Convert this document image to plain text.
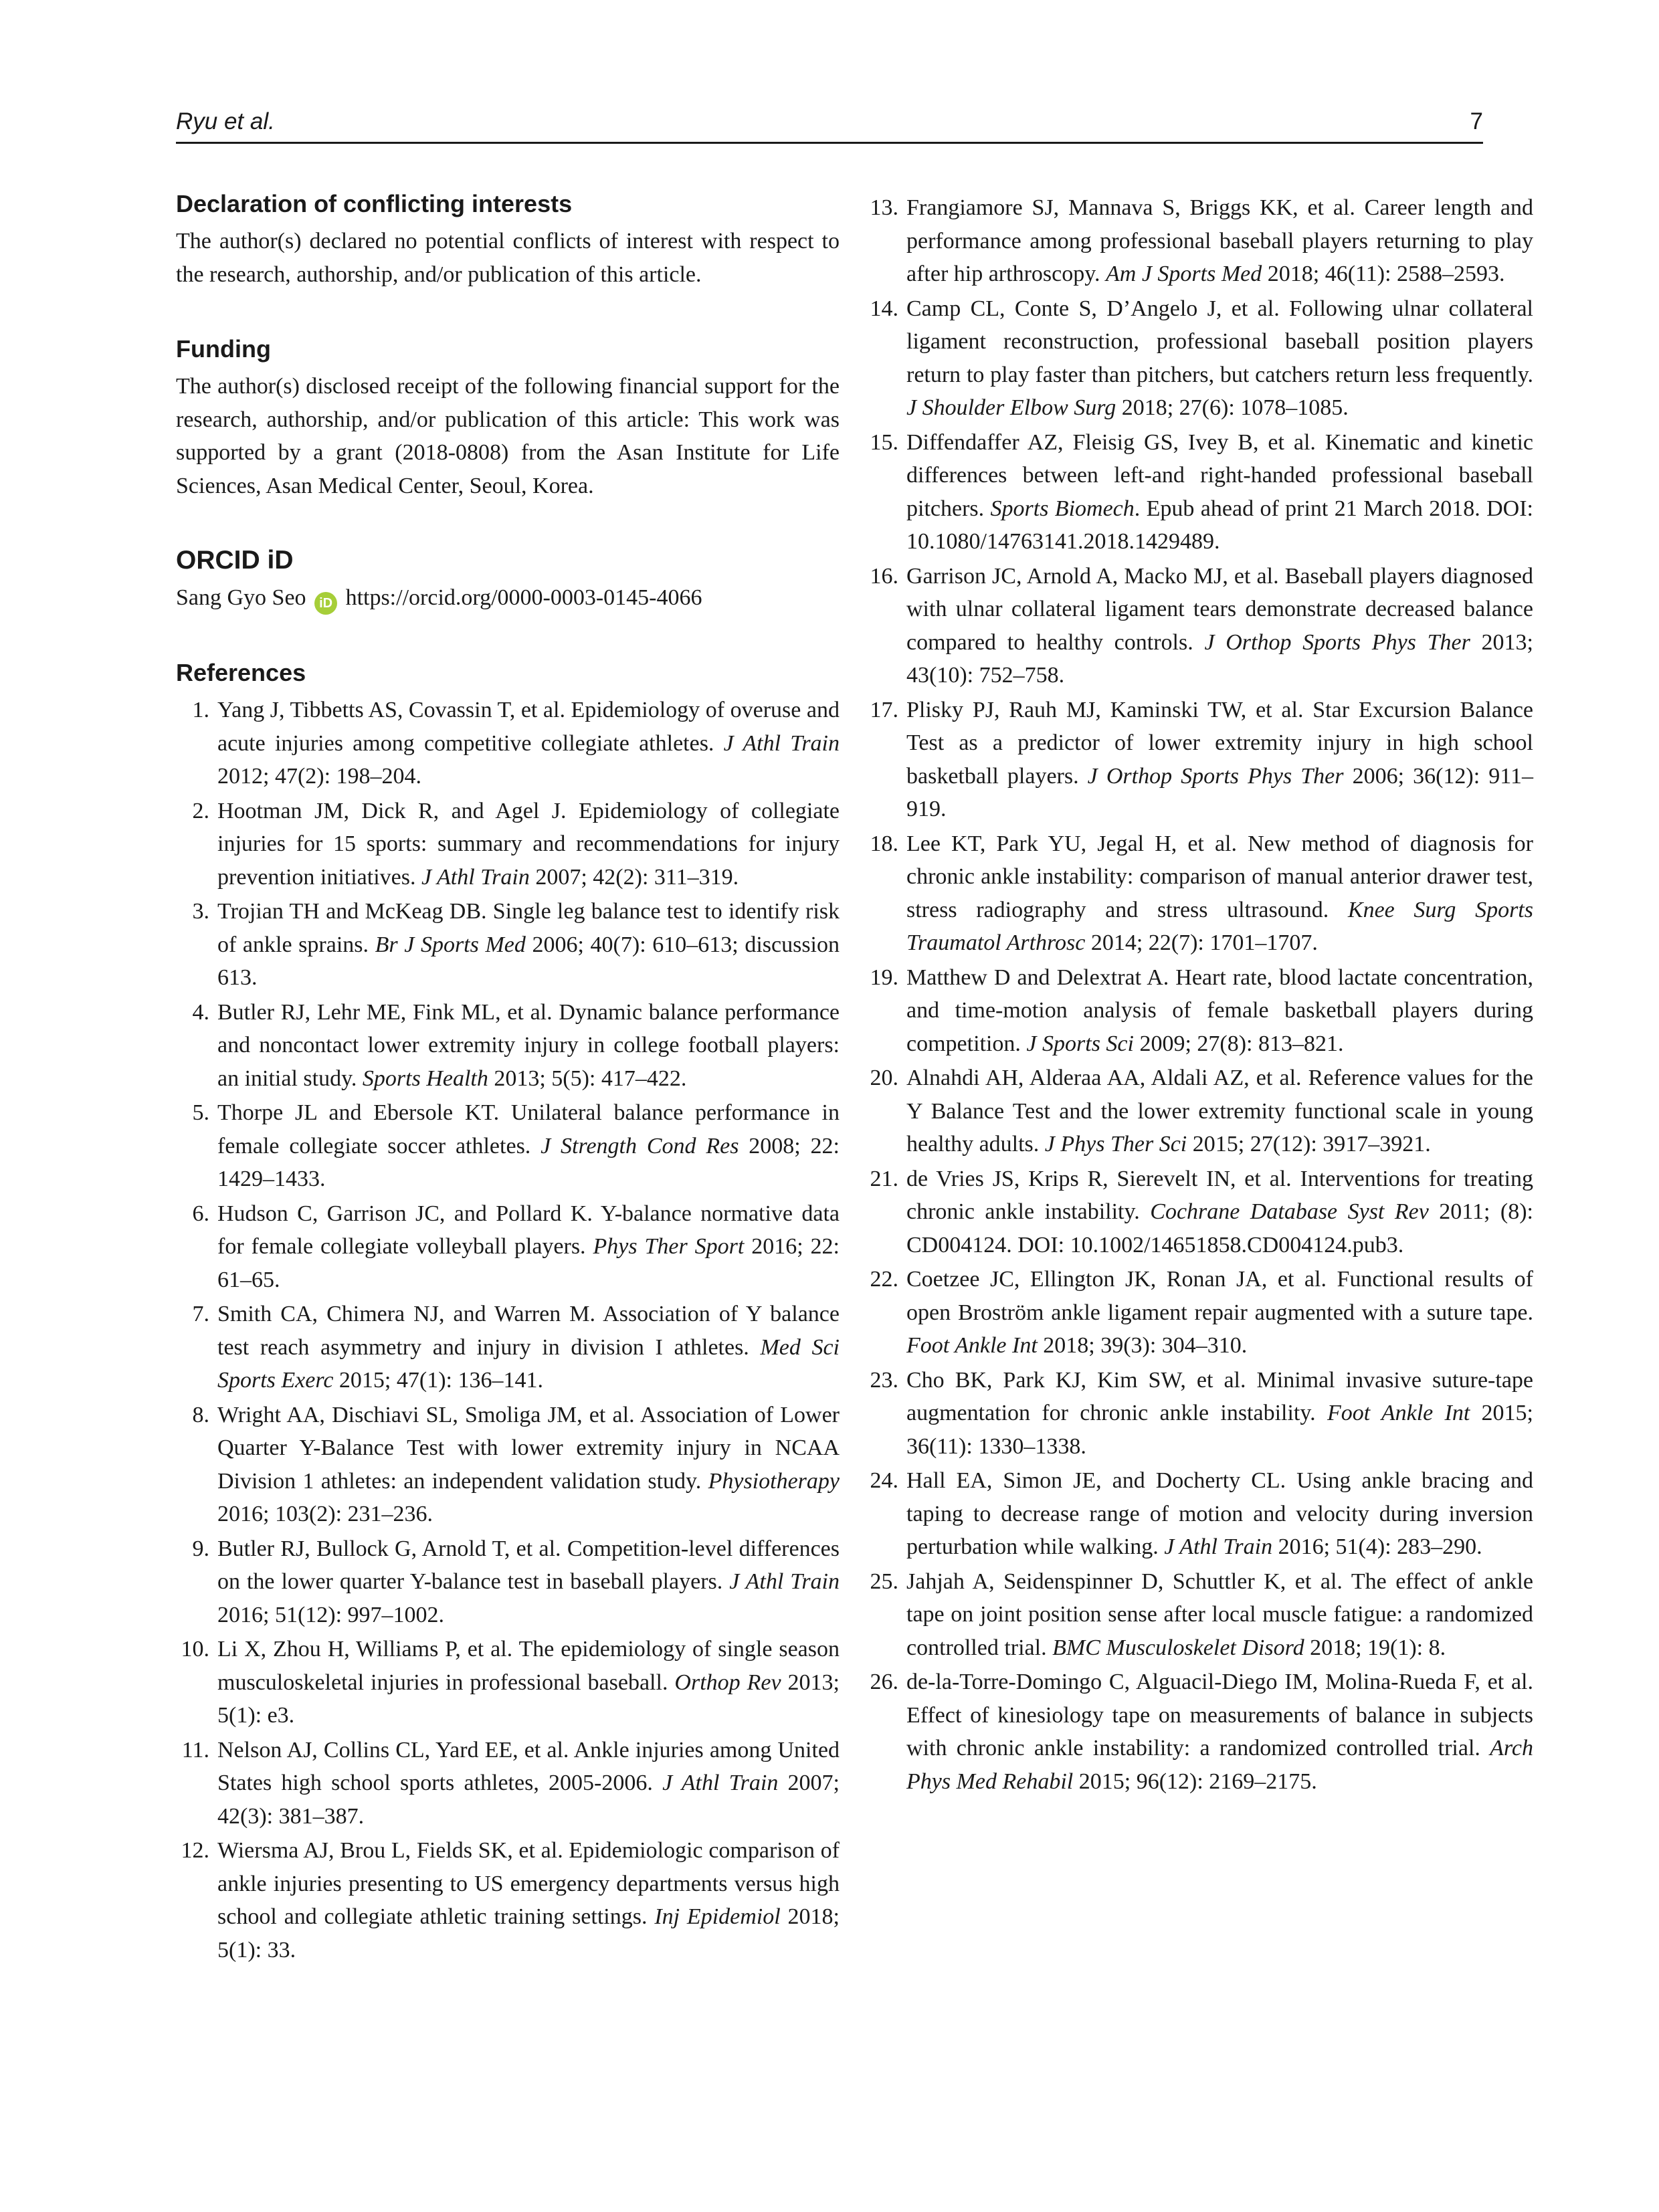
Ryu et al.	7
Declaration of conflicting interests

The author(s) declared no potential conflicts of interest with respect to the research, authorship, and/or publication of this article.

Funding

The author(s) disclosed receipt of the following financial support for the research, authorship, and/or publication of this article: This work was supported by a grant (2018-0808) from the Asan Institute for Life Sciences, Asan Medical Center, Seoul, Korea.

ORCID iD

Sang Gyo Seo iD https://orcid.org/0000-0003-0145-4066

References
1. Yang J, Tibbetts AS, Covassin T, et al. Epidemiology of overuse and acute injuries among competitive collegiate athletes. J Athl Train 2012; 47(2): 198–204.
2. Hootman JM, Dick R, and Agel J. Epidemiology of collegiate injuries for 15 sports: summary and recommendations for injury prevention initiatives. J Athl Train 2007; 42(2): 311–319.
3. Trojian TH and McKeag DB. Single leg balance test to identify risk of ankle sprains. Br J Sports Med 2006; 40(7): 610–613; discussion 613.
4. Butler RJ, Lehr ME, Fink ML, et al. Dynamic balance performance and noncontact lower extremity injury in college football players: an initial study. Sports Health 2013; 5(5): 417–422.
5. Thorpe JL and Ebersole KT. Unilateral balance performance in female collegiate soccer athletes. J Strength Cond Res 2008; 22: 1429–1433.
6. Hudson C, Garrison JC, and Pollard K. Y-balance normative data for female collegiate volleyball players. Phys Ther Sport 2016; 22: 61–65.
7. Smith CA, Chimera NJ, and Warren M. Association of Y balance test reach asymmetry and injury in division I athletes. Med Sci Sports Exerc 2015; 47(1): 136–141.
8. Wright AA, Dischiavi SL, Smoliga JM, et al. Association of Lower Quarter Y-Balance Test with lower extremity injury in NCAA Division 1 athletes: an independent validation study. Physiotherapy 2016; 103(2): 231–236.
9. Butler RJ, Bullock G, Arnold T, et al. Competition-level differences on the lower quarter Y-balance test in baseball players. J Athl Train 2016; 51(12): 997–1002.
10. Li X, Zhou H, Williams P, et al. The epidemiology of single season musculoskeletal injuries in professional baseball. Orthop Rev 2013; 5(1): e3.
11. Nelson AJ, Collins CL, Yard EE, et al. Ankle injuries among United States high school sports athletes, 2005-2006. J Athl Train 2007; 42(3): 381–387.
12. Wiersma AJ, Brou L, Fields SK, et al. Epidemiologic comparison of ankle injuries presenting to US emergency departments versus high school and collegiate athletic training settings. Inj Epidemiol 2018; 5(1): 33.
13. Frangiamore SJ, Mannava S, Briggs KK, et al. Career length and performance among professional baseball players returning to play after hip arthroscopy. Am J Sports Med 2018; 46(11): 2588–2593.
14. Camp CL, Conte S, D’Angelo J, et al. Following ulnar collateral ligament reconstruction, professional baseball position players return to play faster than pitchers, but catchers return less frequently. J Shoulder Elbow Surg 2018; 27(6): 1078–1085.
15. Diffendaffer AZ, Fleisig GS, Ivey B, et al. Kinematic and kinetic differences between left-and right-handed professional baseball pitchers. Sports Biomech. Epub ahead of print 21 March 2018. DOI: 10.1080/14763141.2018.1429489.
16. Garrison JC, Arnold A, Macko MJ, et al. Baseball players diagnosed with ulnar collateral ligament tears demonstrate decreased balance compared to healthy controls. J Orthop Sports Phys Ther 2013; 43(10): 752–758.
17. Plisky PJ, Rauh MJ, Kaminski TW, et al. Star Excursion Balance Test as a predictor of lower extremity injury in high school basketball players. J Orthop Sports Phys Ther 2006; 36(12): 911–919.
18. Lee KT, Park YU, Jegal H, et al. New method of diagnosis for chronic ankle instability: comparison of manual anterior drawer test, stress radiography and stress ultrasound. Knee Surg Sports Traumatol Arthrosc 2014; 22(7): 1701–1707.
19. Matthew D and Delextrat A. Heart rate, blood lactate concentration, and time-motion analysis of female basketball players during competition. J Sports Sci 2009; 27(8): 813–821.
20. Alnahdi AH, Alderaa AA, Aldali AZ, et al. Reference values for the Y Balance Test and the lower extremity functional scale in young healthy adults. J Phys Ther Sci 2015; 27(12): 3917–3921.
21. de Vries JS, Krips R, Sierevelt IN, et al. Interventions for treating chronic ankle instability. Cochrane Database Syst Rev 2011; (8): CD004124. DOI: 10.1002/14651858.CD004124.pub3.
22. Coetzee JC, Ellington JK, Ronan JA, et al. Functional results of open Broström ankle ligament repair augmented with a suture tape. Foot Ankle Int 2018; 39(3): 304–310.
23. Cho BK, Park KJ, Kim SW, et al. Minimal invasive suture-tape augmentation for chronic ankle instability. Foot Ankle Int 2015; 36(11): 1330–1338.
24. Hall EA, Simon JE, and Docherty CL. Using ankle bracing and taping to decrease range of motion and velocity during inversion perturbation while walking. J Athl Train 2016; 51(4): 283–290.
25. Jahjah A, Seidenspinner D, Schuttler K, et al. The effect of ankle tape on joint position sense after local muscle fatigue: a randomized controlled trial. BMC Musculoskelet Disord 2018; 19(1): 8.
26. de-la-Torre-Domingo C, Alguacil-Diego IM, Molina-Rueda F, et al. Effect of kinesiology tape on measurements of balance in subjects with chronic ankle instability: a randomized controlled trial. Arch Phys Med Rehabil 2015; 96(12): 2169–2175.
